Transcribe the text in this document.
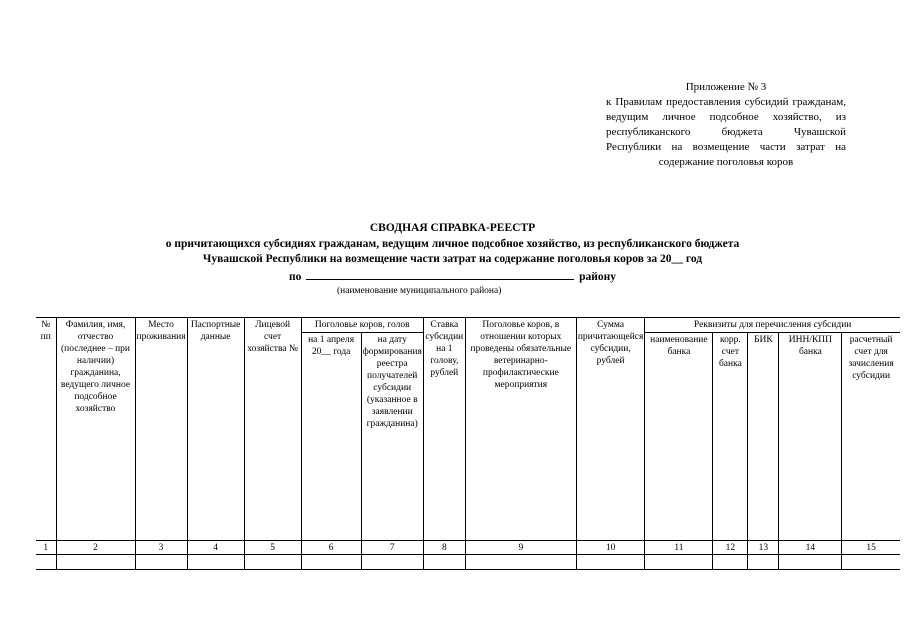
Приложение № 3
к Правилам предоставления субсидий гражданам, ведущим личное подсобное хозяйство, из республиканского бюджета Чувашской Республики на возмещение части затрат на содержание поголовья коров
СВОДНАЯ СПРАВКА-РЕЕСТР
о причитающихся субсидиях гражданам, ведущим личное подсобное хозяйство, из республиканского бюджета
Чувашской Республики на возмещение части затрат на содержание поголовья коров за 20__ год
по	району
(наименование муниципального района)
№ пп	Фамилия, имя, отчество (последнее – при наличии) гражданина, ведущего личное подсобное хозяйство	Место проживания	Паспортные данные	Лицевой счет хозяйства №	Поголовье коров, голов		Ставка субсидии на 1 голову, рублей	Поголовье коров, в отношении которых проведены обязательные ветеринарно-профилактические мероприятия	Сумма причитающейся субсидии, рублей	Реквизиты для перечисления субсидии				
					на 1 апреля 20__ года	на дату формирования реестра получателей субсидии (указанное в заявлении гражданина)				наименование банка	корр. счет банка	БИК	ИНН/КПП банка	расчетный счет для зачисления субсидии
1	2	3	4	5	6	7	8	9	10	11	12	13	14	15
